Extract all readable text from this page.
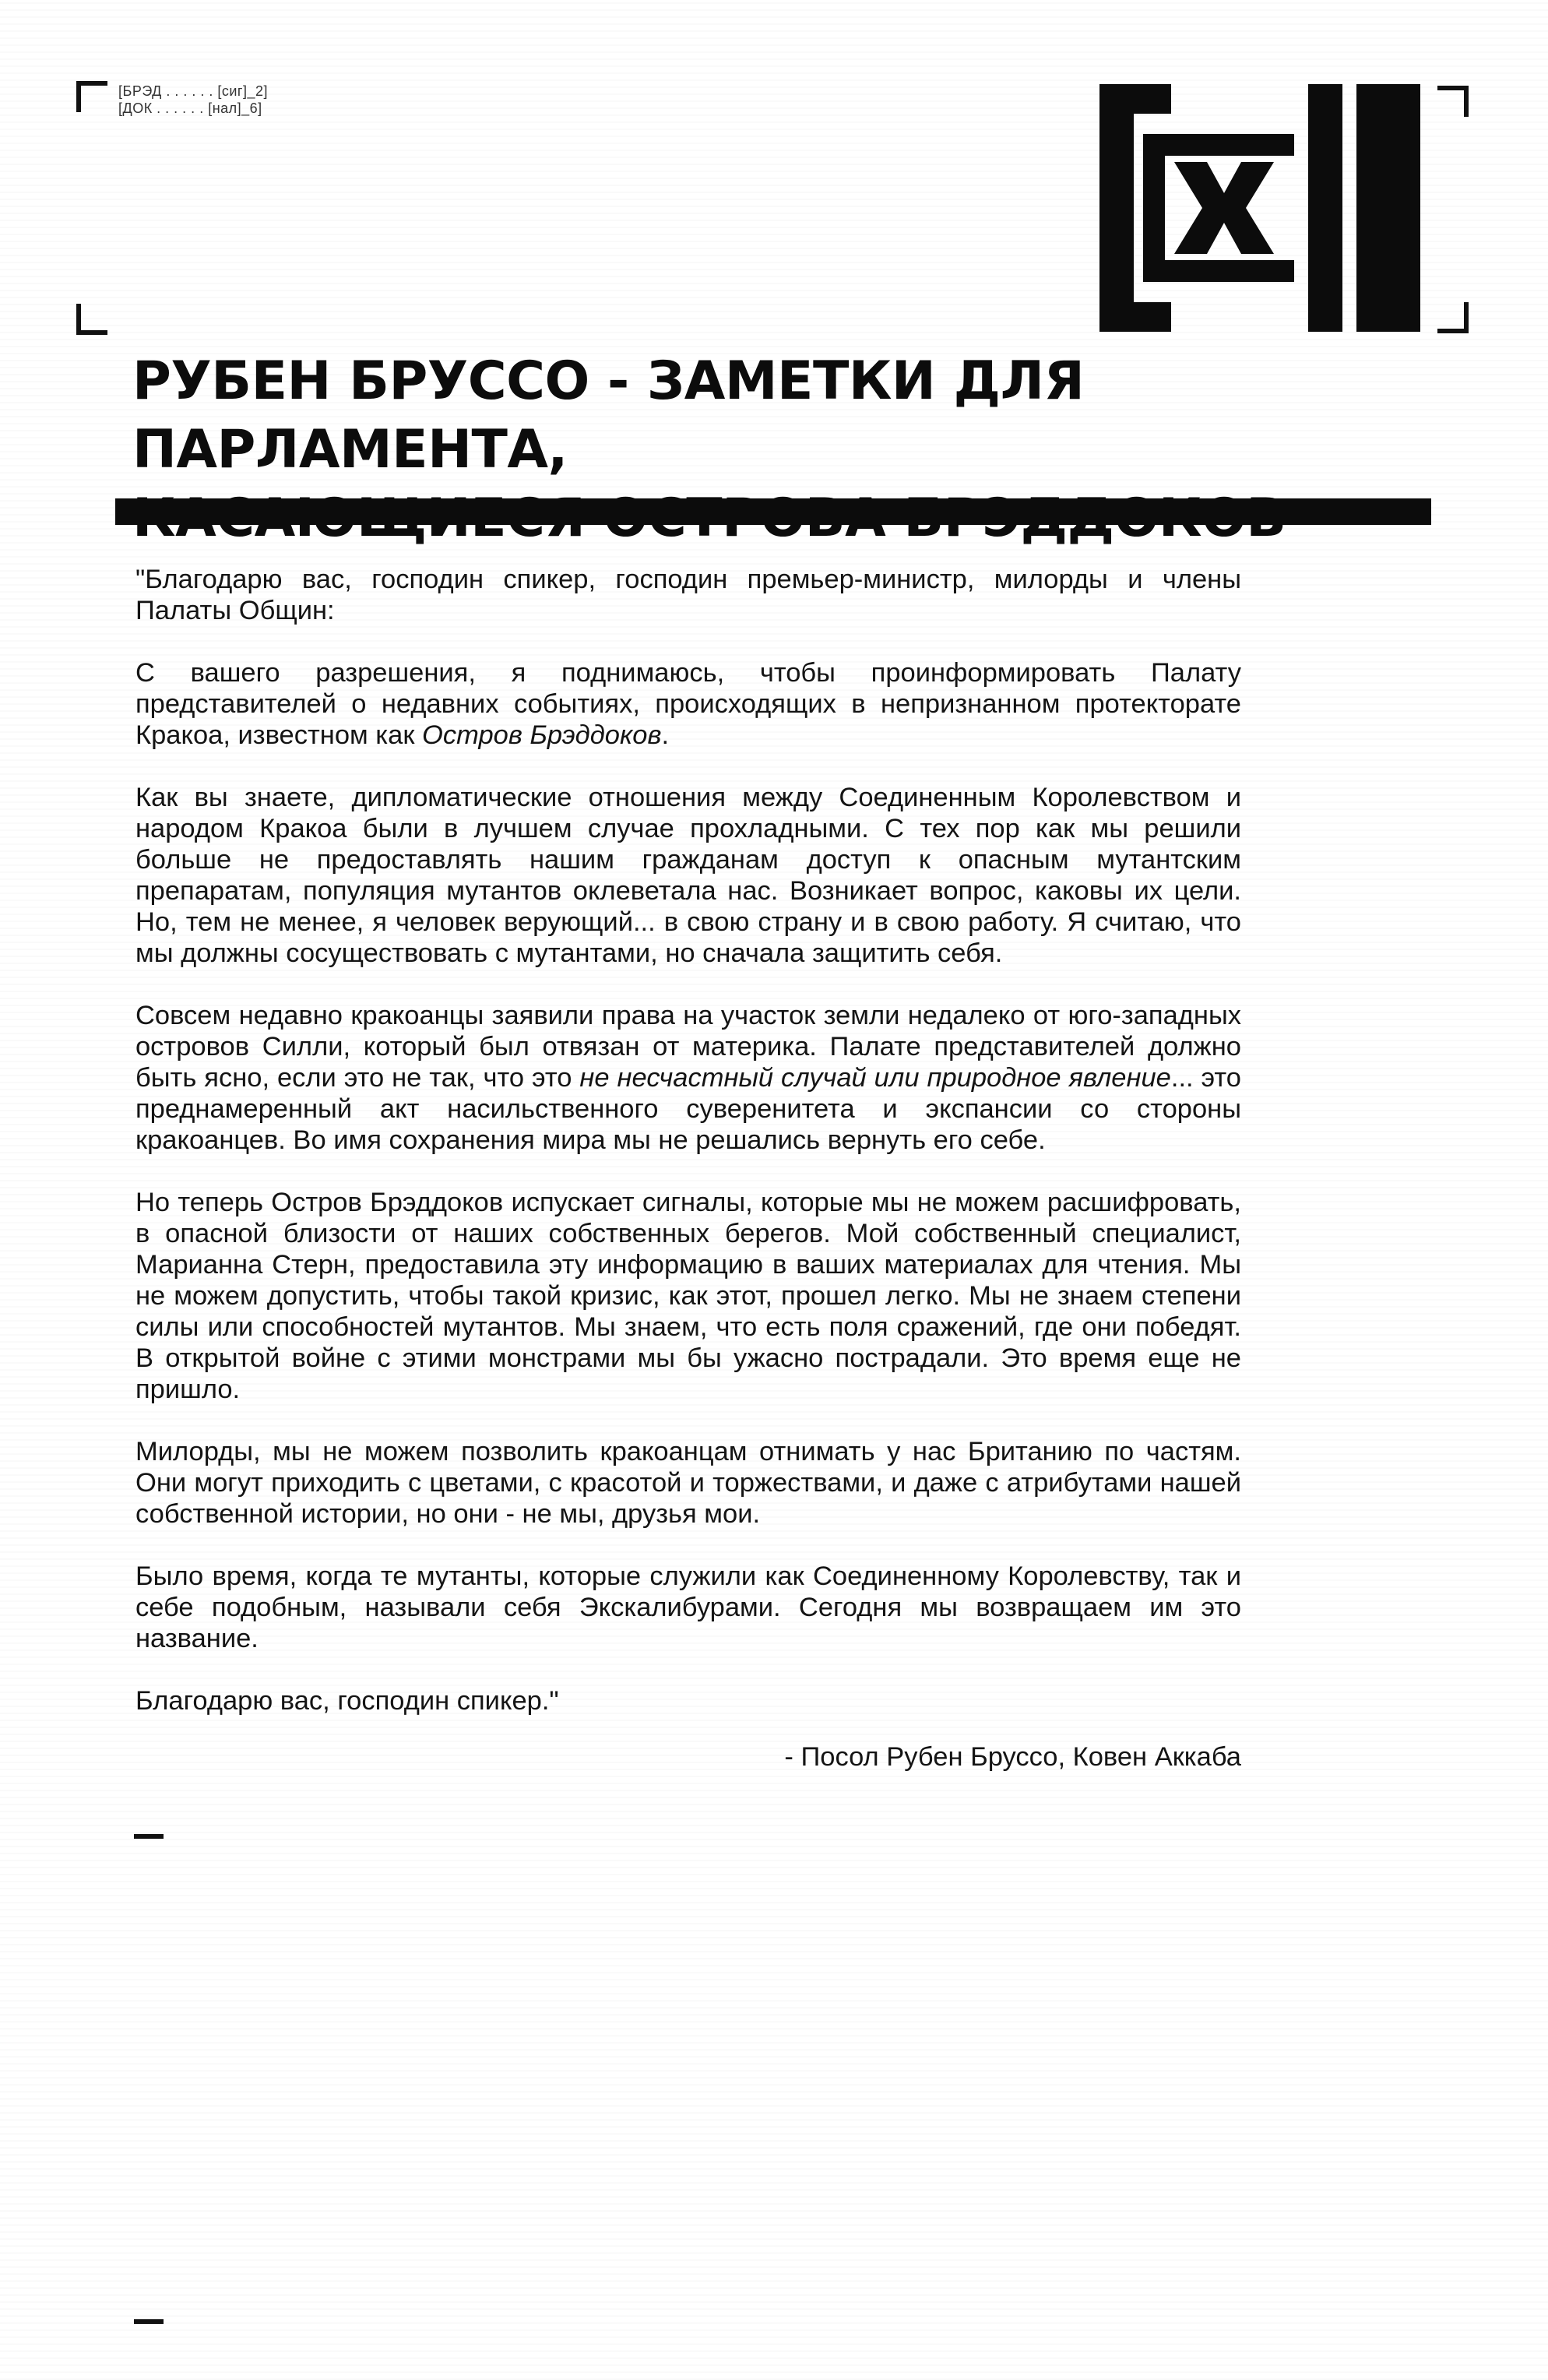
[БРЭД . . . . . . [сиг]_2]
[ДОК . . . . . . [нал]_6]
РУБЕН БРУССО - ЗАМЕТКИ ДЛЯ ПАРЛАМЕНТА,

"Благодарю вас, господин спикер, господин премьер-министр, милорды и члены Палаты Общин:

С вашего разрешения, я поднимаюсь, чтобы проинформировать Палату представителей о недавних событиях, происходящих в непризнанном протекторате Кракоа, известном как Остров Брэддоков.

Как вы знаете, дипломатические отношения между Соединенным Королевством и народом Кракоа были в лучшем случае прохладными. С тех пор как мы решили больше не предоставлять нашим гражданам доступ к опасным мутантским препаратам, популяция мутантов оклеветала нас. Возникает вопрос, каковы их цели. Но, тем не менее, я человек верующий... в свою страну и в свою работу. Я считаю, что мы должны сосуществовать с мутантами, но сначала защитить себя.

Совсем недавно кракоанцы заявили права на участок земли недалеко от юго-западных островов Силли, который был отвязан от материка. Палате представителей должно быть ясно, если это не так, что это не несчастный случай или природное явление... это преднамеренный акт насильственного суверенитета и экспансии со стороны кракоанцев. Во имя сохранения мира мы не решались вернуть его себе.

Но теперь Остров Брэддоков испускает сигналы, которые мы не можем расшифровать, в опасной близости от наших собственных берегов. Мой собственный специалист, Марианна Стерн, предоставила эту информацию в ваших материалах для чтения. Мы не можем допустить, чтобы такой кризис, как этот, прошел легко. Мы не знаем степени силы или способностей мутантов. Мы знаем, что есть поля сражений, где они победят. В открытой войне с этими монстрами мы бы ужасно пострадали. Это время еще не пришло.

Милорды, мы не можем позволить кракоанцам отнимать у нас Британию по частям. Они могут приходить с цветами, с красотой и торжествами, и даже с атрибутами нашей собственной истории, но они - не мы, друзья мои.

Было время, когда те мутанты, которые служили как Соединенному Королевству, так и себе подобным, называли себя Экскалибурами. Сегодня мы возвращаем им это название.

Благодарю вас, господин спикер."

- Посол Рубен Бруссо, Ковен Аккаба
